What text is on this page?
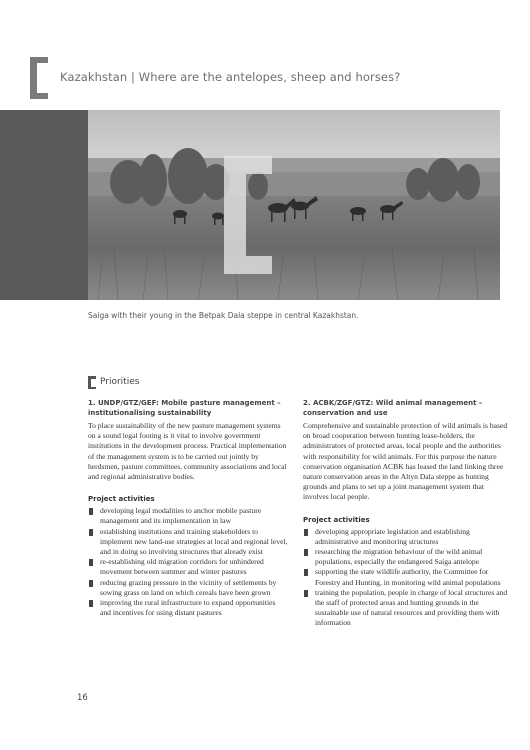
Kazakhstan | Where are the antelopes, sheep and horses?
Saiga with their young in the Betpak Dala steppe in central Kazakhstan.
Priorities
1. UNDP/GTZ/GEF: Mobile pasture management – institutionalising sustainability

To place sustainability of the new pasture management systems on a sound legal footing is it vital to involve government institutions in the development process. Practical implementation of the management system is to be carried out jointly by herdsmen, pasture committees, community associations and local and regional administrative bodies.

Project activities
developing legal modalities to anchor mobile pasture management and its implementation in law
establishing institutions and training stakeholders to implement new land-use strategies at local and regional level, and in doing so involving structures that already exist
re-establishing old migration corridors for unhindered movement between summer and winter pastures
reducing grazing pressure in the vicinity of settlements by sowing grass on land on which cereals have been grown
improving the rural infrastructure to expand opportunities and incentives for using distant pastures
2. ACBK/ZGF/GTZ: Wild animal management – conservation and use

Comprehensive and sustainable protection of wild animals is based on broad cooperation between hunting lease-holders, the administrators of protected areas, local people and the authorities with responsibility for wild animals. For this purpose the nature conservation organisation ACBK has leased the land linking three nature conservation areas in the Altyn Dala steppe as hunting grounds and plans to set up a joint management system that involves local people.

Project activities
developing appropriate legislation and establishing administrative and monitoring structures
researching the migration behaviour of the wild animal populations, especially the endangered Saiga antelope
supporting the state wildlife authority, the Committee for Forestry and Hunting, in monitoring wild animal populations
training the population, people in charge of local structures and the staff of protected areas and hunting grounds in the sustainable use of natural resources and providing them with information
16
